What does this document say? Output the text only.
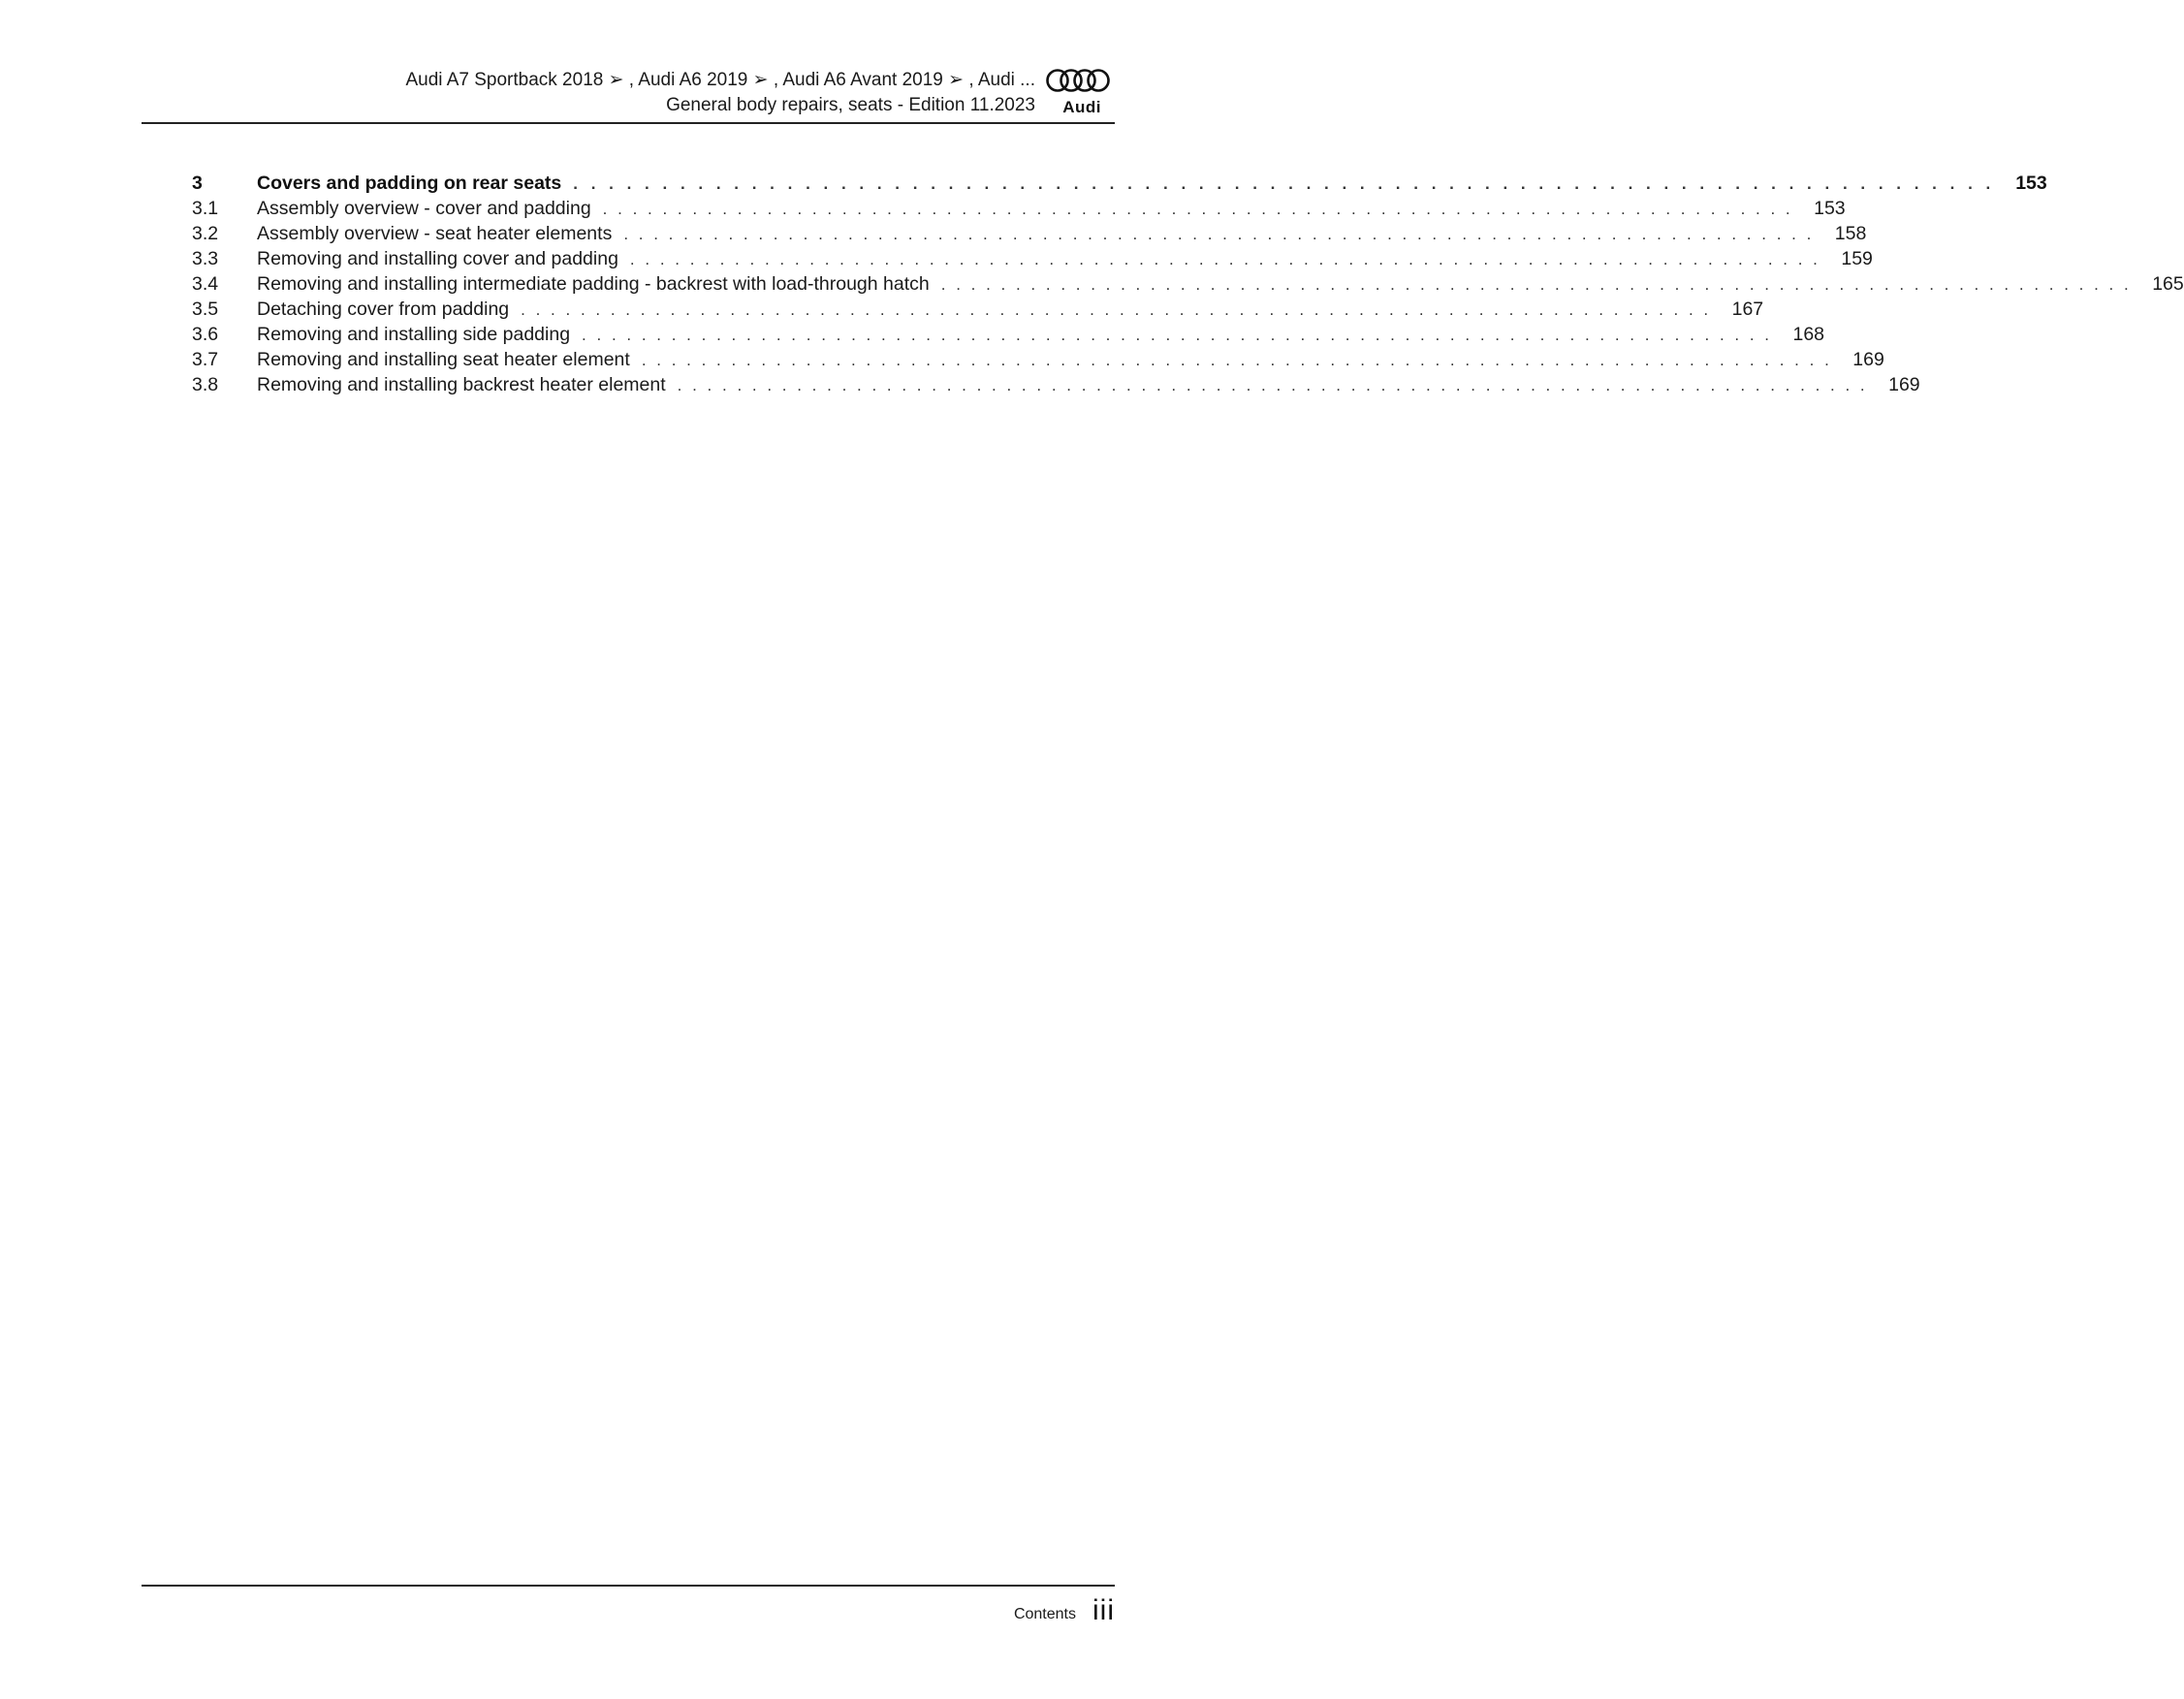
Audi A7 Sportback 2018 ➢ , Audi A6 2019 ➢ , Audi A6 Avant 2019 ➢ , Audi ...
General body repairs, seats - Edition 11.2023 Audi
3	Covers and padding on rear seats . . . . . . . . . . . . . . . . . . . . . . . . . . . . . . . . . . . . . . . . . . . . . . . . . . . . . . . . . . . . . . . . . . . . . . . . . . . . . . . .	153
3.1	Assembly overview - cover and padding . . . . . . . . . . . . . . . . . . . . . . . . . . . . . . . . . . . . . . . . . . . . . . . . . . . . . . . . . . . . . . . . . . . . . . . . . . . . . . . .	153
3.2	Assembly overview - seat heater elements . . . . . . . . . . . . . . . . . . . . . . . . . . . . . . . . . . . . . . . . . . . . . . . . . . . . . . . . . . . . . . . . . . . . . . . . . . . . . . . .	158
3.3	Removing and installing cover and padding . . . . . . . . . . . . . . . . . . . . . . . . . . . . . . . . . . . . . . . . . . . . . . . . . . . . . . . . . . . . . . . . . . . . . . . . . . . . . . . .	159
3.4	Removing and installing intermediate padding - backrest with load-through hatch . . . . . . . . . . . . . . . . . . . . . . . . . . . . . . . . . . . . . . . . . . . . . . . . . . . . . . . . . . . . . . . . . . . . . . . . . . . . . . . .	165
3.5	Detaching cover from padding . . . . . . . . . . . . . . . . . . . . . . . . . . . . . . . . . . . . . . . . . . . . . . . . . . . . . . . . . . . . . . . . . . . . . . . . . . . . . . . .	167
3.6	Removing and installing side padding . . . . . . . . . . . . . . . . . . . . . . . . . . . . . . . . . . . . . . . . . . . . . . . . . . . . . . . . . . . . . . . . . . . . . . . . . . . . . . . .	168
3.7	Removing and installing seat heater element . . . . . . . . . . . . . . . . . . . . . . . . . . . . . . . . . . . . . . . . . . . . . . . . . . . . . . . . . . . . . . . . . . . . . . . . . . . . . . . .	169
3.8	Removing and installing backrest heater element . . . . . . . . . . . . . . . . . . . . . . . . . . . . . . . . . . . . . . . . . . . . . . . . . . . . . . . . . . . . . . . . . . . . . . . . . . . . . . . .	169
Contents iii
